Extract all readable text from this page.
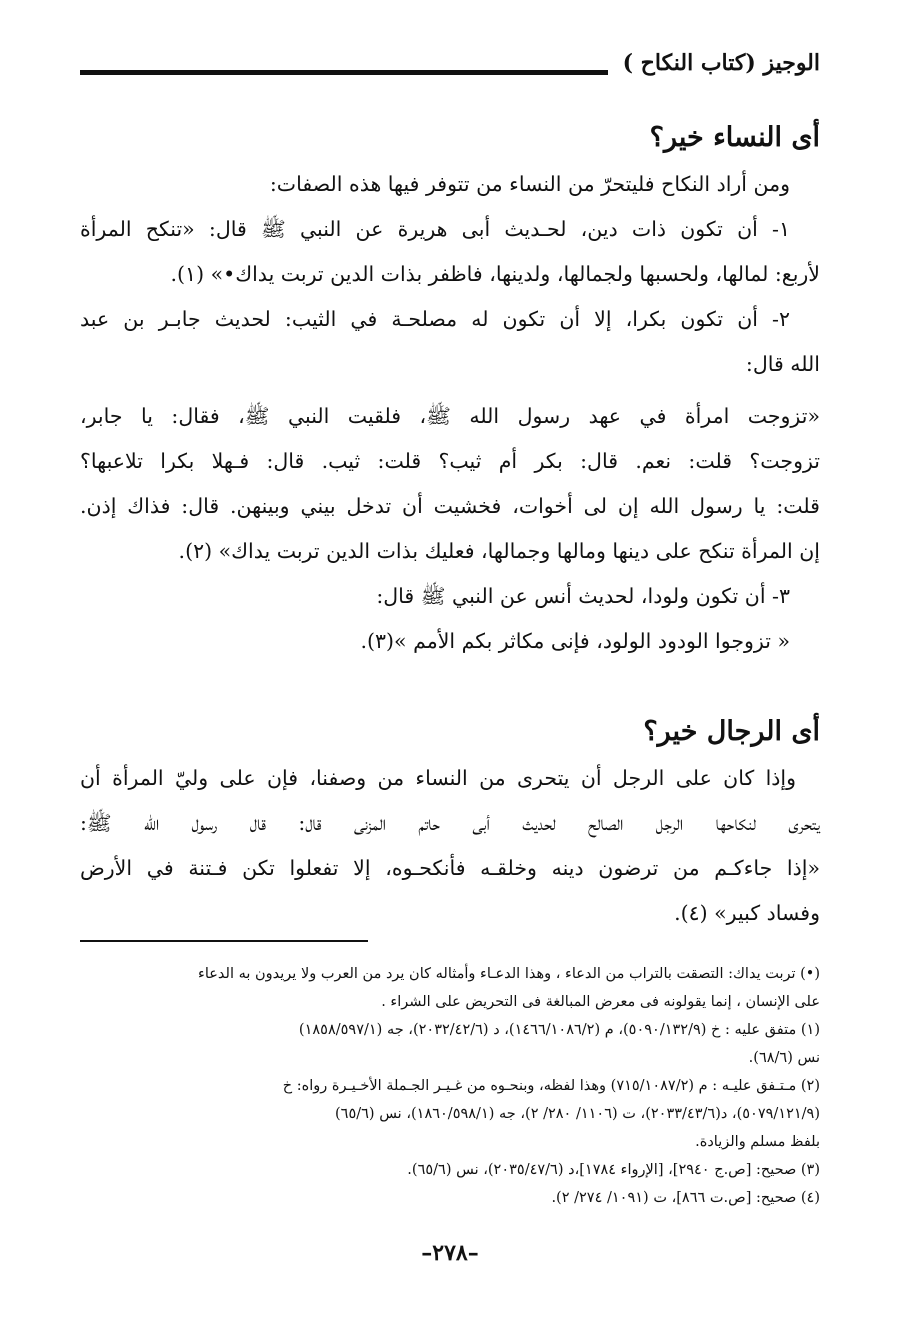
الوجيز (كتاب النكاح )
أى النساء خير؟
ومن أراد النكاح فليتحرّ من النساء من تتوفر فيها هذه الصفات:
١- أن تكون ذات دين، لحـديث أبى هريرة عن النبي ﷺ قال: «تنكح المرأة
لأربع: لمالها، ولحسبها ولجمالها، ولدينها، فاظفر بذات الدين تربت يداك•» (١).
٢- أن تكون بكرا، إلا أن تكون له مصلحـة في الثيب: لحديث جابـر بن عبد
الله قال:
«تزوجت امرأة في عهد رسول الله ﷺ، فلقيت النبي ﷺ، فقال: يا جابر،
تزوجت؟ قلت: نعم. قال: بكر أم ثيب؟ قلت: ثيب. قال: فـهلا بكرا تلاعبها؟
قلت: يا رسول الله إن لى أخوات، فخشيت أن تدخل بيني وبينهن. قال: فذاك إذن.
إن المرأة تنكح على دينها ومالها وجمالها، فعليك بذات الدين تربت يداك» (٢).
٣- أن تكون ولودا، لحديث أنس عن النبي ﷺ قال:
« تزوجوا الودود الولود، فإنى مكاثر بكم الأمم »(٣).
أى الرجال خير؟
وإذا كان على الرجل أن يتحرى من النساء من وصفنا، فإن على وليّ المرأة أن
يتحرى لنكاحها الرجل الصالح لحديث أبى حاتم المزنى قال: قال رسول الله ﷺ:
«إذا جاءكـم من ترضون دينه وخلقـه فأنكحـوه، إلا تفعلوا تكن فـتنة في الأرض
وفساد كبير» (٤).
(•) تربت يداك: التصقت بالتراب من الدعاء ، وهذا الدعـاء وأمثاله كان يرد من العرب ولا يريدون به الدعاء
على الإنسان ، إنما يقولونه فى معرض المبالغة فى التحريض على الشراء .
(١) متفق عليه : خ (٥٠٩٠/١٣٢/٩)، م (١٤٦٦/١٠٨٦/٢)، د (٢٠٣٢/٤٢/٦)، جه (١٨٥٨/٥٩٧/١)
نس (٦٨/٦).
(٢) مـتـفق عليـه : م (٧١٥/١٠٨٧/٢) وهذا لفظه، وبنحـوه من غـيـر الجـملة الأخـيـرة رواه: خ
(٥٠٧٩/١٢١/٩)، د(٢٠٣٣/٤٣/٦)، ت (١١٠٦/ ٢٨٠/ ٢)، جه (١٨٦٠/٥٩٨/١)، نس (٦٥/٦)
بلفظ مسلم والزيادة.
(٣) صحيح: [ص.ج ٢٩٤٠]، [الإرواء ١٧٨٤]،د (٢٠٣٥/٤٧/٦)، نس (٦٥/٦).
(٤) صحيح: [ص.ت ٨٦٦]، ت (١٠٩١/ ٢٧٤/ ٢).
–٢٧٨–
